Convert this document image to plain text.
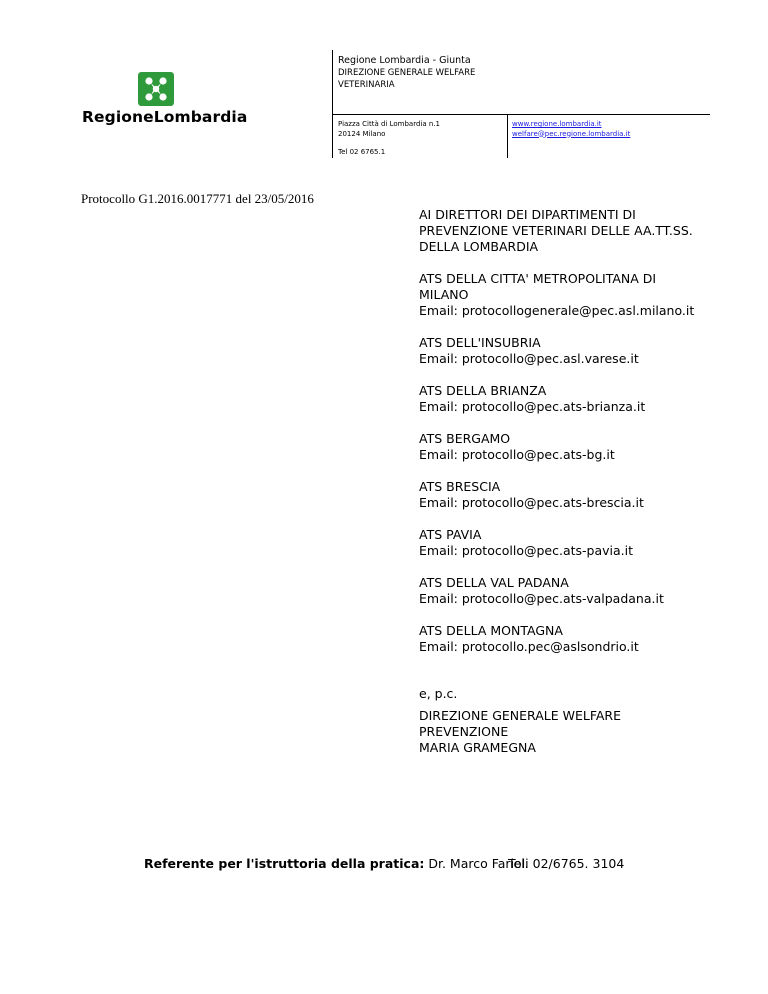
RegioneLombardia
Regione Lombardia - Giunta
DIREZIONE GENERALE WELFARE
VETERINARIA
Piazza Città di Lombardia n.1
20124 Milano
Tel 02 6765.1
www.regione.lombardia.it
welfare@pec.regione.lombardia.it
Protocollo G1.2016.0017771 del 23/05/2016
AI DIRETTORI DEI DIPARTIMENTI DI
PREVENZIONE VETERINARI DELLE AA.TT.SS.
DELLA LOMBARDIA
ATS DELLA CITTA' METROPOLITANA DI
MILANO
Email: protocollogenerale@pec.asl.milano.it
ATS DELL'INSUBRIA
Email: protocollo@pec.asl.varese.it
ATS DELLA BRIANZA
Email: protocollo@pec.ats-brianza.it
ATS BERGAMO
Email: protocollo@pec.ats-bg.it
ATS BRESCIA
Email: protocollo@pec.ats-brescia.it
ATS PAVIA
Email: protocollo@pec.ats-pavia.it
ATS DELLA VAL PADANA
Email: protocollo@pec.ats-valpadana.it
ATS DELLA MONTAGNA
Email: protocollo.pec@aslsondrio.it
e, p.c.
DIREZIONE GENERALE WELFARE
PREVENZIONE
MARIA GRAMEGNA
Referente per l'istruttoria della pratica: Dr. Marco Farioli
Tel. 02/6765. 3104
